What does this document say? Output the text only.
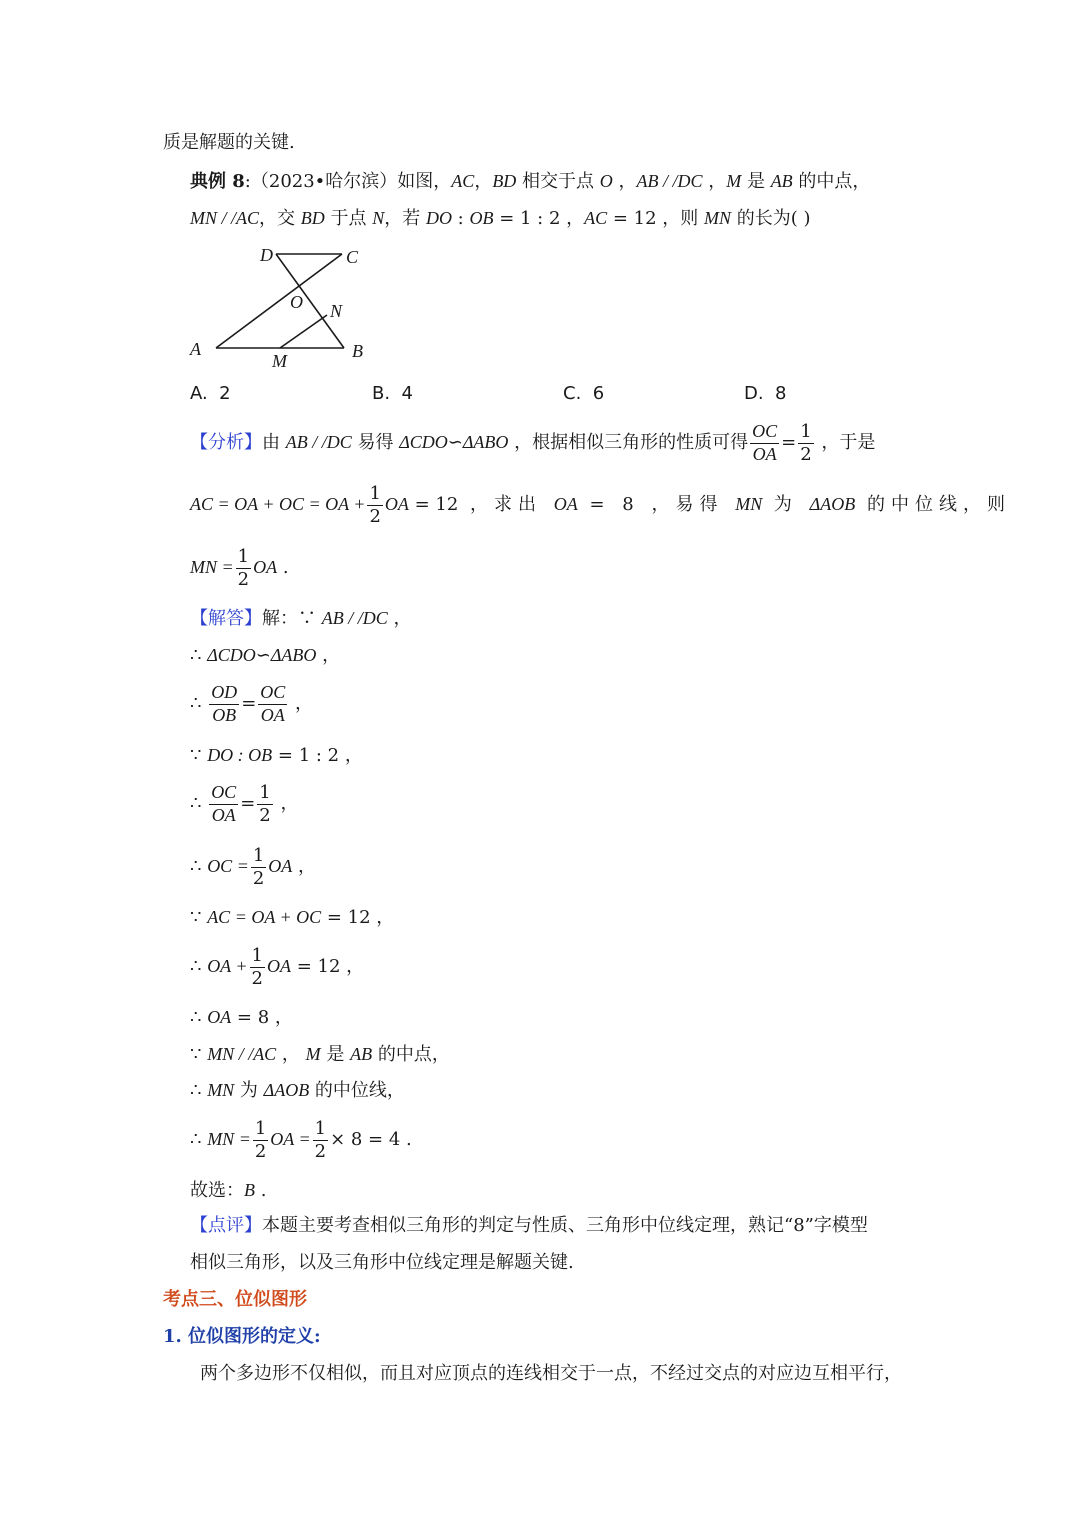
质是解题的关键.
典例 8:（2023•哈尔滨）如图，AC，BD 相交于点 O ，AB / /DC ，M 是 AB 的中点，
MN / /AC，交 BD 于点 N，若 DO : OB = 1 : 2 ，AC = 12 ，则 MN 的长为( )
D	C
O N
A
M	B
A. 2	B. 4	C. 6	D. 8
【分析】由 AB / /DC 易得 ΔCDO∽ΔABO ，根据相似三角形的性质可得 $\frac{OC}{OA} = \frac{1}{2}$ ，于是
AC = OA + OC = OA + $\frac{1}{2}$ OA = 12 ，求出 OA = 8 ，易得 MN 为 ΔAOB 的中位线，则
MN = $\frac{1}{2}$ OA .
【解答】解：∵ AB / /DC ，
∴ ΔCDO∽ΔABO ，
∴ $\frac{OD}{OB} = \frac{OC}{OA}$ ，
∵ DO : OB = 1 : 2 ，
∴ $\frac{OC}{OA} = \frac{1}{2}$ ，
∴ OC = $\frac{1}{2}$ OA ，
∵ AC = OA + OC = 12 ，
∴ OA + $\frac{1}{2}$ OA = 12 ，
∴ OA = 8 ，
∵ MN / /AC ， M 是 AB 的中点，
∴ MN 为 ΔAOB 的中位线，
∴ MN = $\frac{1}{2}$ OA = $\frac{1}{2} \times 8 = 4$ .
故选：B .
【点评】本题主要考查相似三角形的判定与性质、三角形中位线定理，熟记“8”字模型
相似三角形，以及三角形中位线定理是解题关键.
考点三、位似图形
1. 位似图形的定义:
两个多边形不仅相似，而且对应顶点的连线相交于一点，不经过交点的对应边互相平行，
